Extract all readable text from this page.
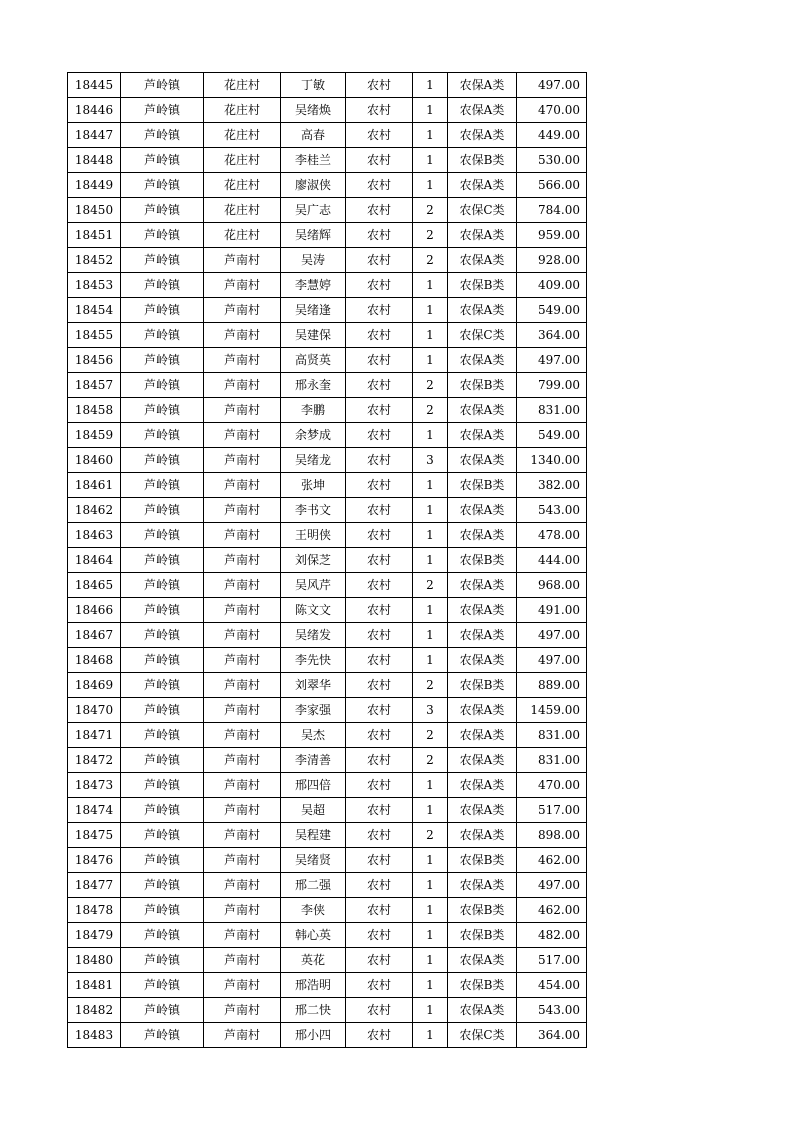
18445	芦岭镇	花庄村	丁敏	农村	1	农保A类	497.00
18446	芦岭镇	花庄村	吴绪焕	农村	1	农保A类	470.00
18447	芦岭镇	花庄村	高春	农村	1	农保A类	449.00
18448	芦岭镇	花庄村	李桂兰	农村	1	农保B类	530.00
18449	芦岭镇	花庄村	廖淑侠	农村	1	农保A类	566.00
18450	芦岭镇	花庄村	吴广志	农村	2	农保C类	784.00
18451	芦岭镇	花庄村	吴绪辉	农村	2	农保A类	959.00
18452	芦岭镇	芦南村	吴涛	农村	2	农保A类	928.00
18453	芦岭镇	芦南村	李慧婷	农村	1	农保B类	409.00
18454	芦岭镇	芦南村	吴绪逢	农村	1	农保A类	549.00
18455	芦岭镇	芦南村	吴建保	农村	1	农保C类	364.00
18456	芦岭镇	芦南村	高贤英	农村	1	农保A类	497.00
18457	芦岭镇	芦南村	邢永奎	农村	2	农保B类	799.00
18458	芦岭镇	芦南村	李鹏	农村	2	农保A类	831.00
18459	芦岭镇	芦南村	余梦成	农村	1	农保A类	549.00
18460	芦岭镇	芦南村	吴绪龙	农村	3	农保A类	1340.00
18461	芦岭镇	芦南村	张坤	农村	1	农保B类	382.00
18462	芦岭镇	芦南村	李书文	农村	1	农保A类	543.00
18463	芦岭镇	芦南村	王明侠	农村	1	农保A类	478.00
18464	芦岭镇	芦南村	刘保芝	农村	1	农保B类	444.00
18465	芦岭镇	芦南村	吴风芹	农村	2	农保A类	968.00
18466	芦岭镇	芦南村	陈文文	农村	1	农保A类	491.00
18467	芦岭镇	芦南村	吴绪发	农村	1	农保A类	497.00
18468	芦岭镇	芦南村	李先快	农村	1	农保A类	497.00
18469	芦岭镇	芦南村	刘翠华	农村	2	农保B类	889.00
18470	芦岭镇	芦南村	李家强	农村	3	农保A类	1459.00
18471	芦岭镇	芦南村	吴杰	农村	2	农保A类	831.00
18472	芦岭镇	芦南村	李清善	农村	2	农保A类	831.00
18473	芦岭镇	芦南村	邢四倍	农村	1	农保A类	470.00
18474	芦岭镇	芦南村	吴超	农村	1	农保A类	517.00
18475	芦岭镇	芦南村	吴程建	农村	2	农保A类	898.00
18476	芦岭镇	芦南村	吴绪贤	农村	1	农保B类	462.00
18477	芦岭镇	芦南村	邢二强	农村	1	农保A类	497.00
18478	芦岭镇	芦南村	李侠	农村	1	农保B类	462.00
18479	芦岭镇	芦南村	韩心英	农村	1	农保B类	482.00
18480	芦岭镇	芦南村	英花	农村	1	农保A类	517.00
18481	芦岭镇	芦南村	邢浩明	农村	1	农保B类	454.00
18482	芦岭镇	芦南村	邢二快	农村	1	农保A类	543.00
18483	芦岭镇	芦南村	邢小四	农村	1	农保C类	364.00
